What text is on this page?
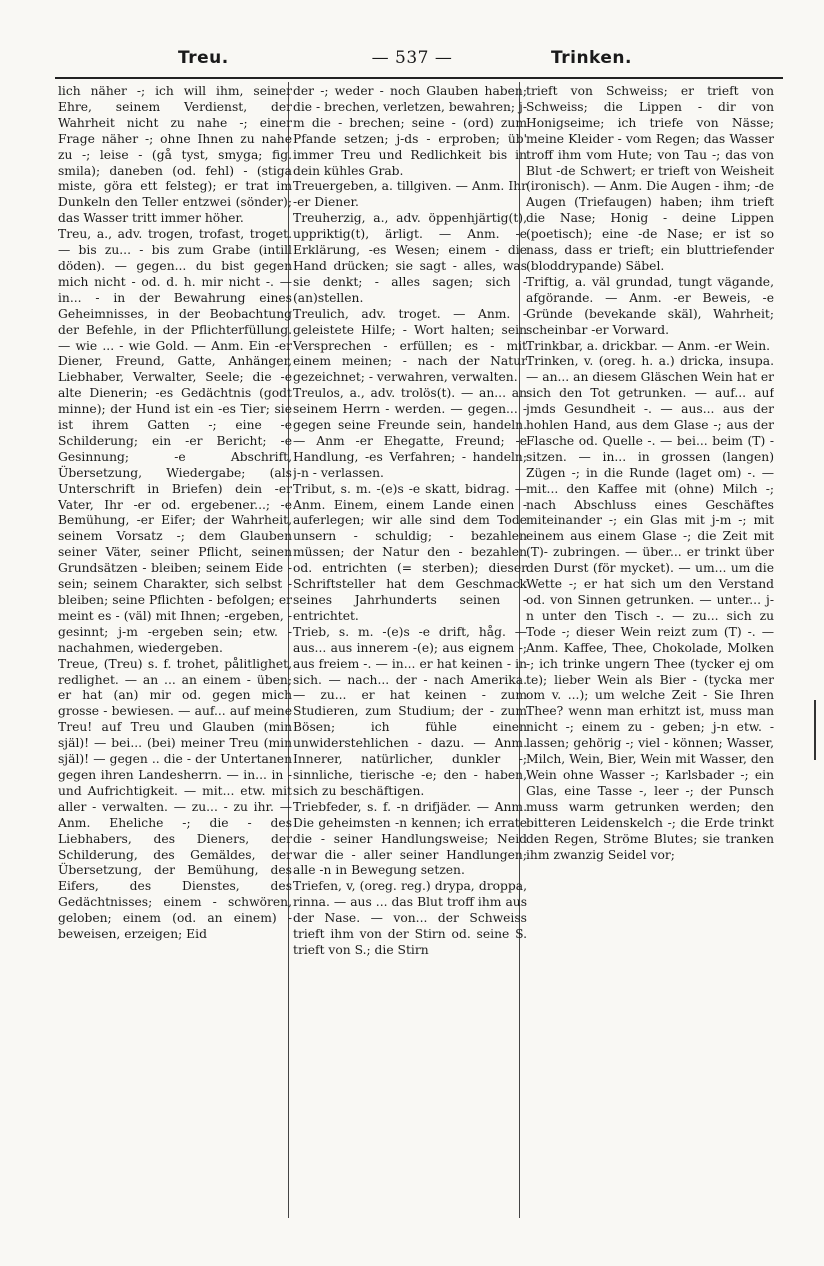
— 537 —
Treu.	Trinken.

lich näher -; ich will ihm, seiner Ehre, seinem Verdienst, der Wahrheit nicht zu nahe -; einer Frage näher -; ohne Ihnen zu nahe zu -; leise - (gå tyst, smyga; fig. smila); daneben (od. fehl) - (stiga miste, göra ett felsteg); er trat im Dunkeln den Teller entzwei (sönder); das Wasser tritt immer höher.

Treu, a., adv. trogen, trofast, troget. — bis zu... - bis zum Grabe (intill döden). — gegen... du bist gegen mich nicht - od. d. h. mir nicht -. — in... - in der Bewahrung eines Geheimnisses, in der Beobachtung der Befehle, in der Pflichterfüllung. — wie ... - wie Gold. — Anm. Ein -er Diener, Freund, Gatte, Anhänger, Liebhaber, Verwalter, Seele; die -e alte Dienerin; -es Gedächtnis (godt minne); der Hund ist ein -es Tier; sie ist ihrem Gatten -; eine -e Schilderung; ein -er Bericht; -e Gesinnung; -e Abschrift, Übersetzung, Wiedergabe; (als Unterschrift in Briefen) dein -er Vater, Ihr -er od. ergebener...; -e Bemühung, -er Eifer; der Wahrheit, seinem Vorsatz -; dem Glauben seiner Väter, seiner Pflicht, seinen Grundsätzen - bleiben; seinem Eide - sein; seinem Charakter, sich selbst - bleiben; seine Pflichten - befolgen; er meint es - (väl) mit Ihnen; -ergeben, -gesinnt; j-m -ergeben sein; etw. - nachahmen, wiedergeben.

Treue, (Treu) s. f. trohet, pålitlighet, redlighet. — an ... an einem - üben; er hat (an) mir od. gegen mich grosse - bewiesen. — auf... auf meine Treu! auf Treu und Glauben (min själ)! — bei... (bei) meiner Treu (min själ)! — gegen .. die - der Untertanen gegen ihren Landesherrn. — in... in - und Aufrichtigkeit. — mit... etw. mit aller - verwalten. — zu... - zu ihr. — Anm. Eheliche -; die - des Liebhabers, des Dieners, der Schilderung, des Gemäldes, der Übersetzung, der Bemühung, des Eifers, des Dienstes, des Gedächtnisses; einem - schwören, geloben; einem (od. an einem) - beweisen, erzeigen; Eid

der -; weder - noch Glauben haben; die - brechen, verletzen, bewahren; j-m die - brechen; seine - (ord) zum Pfande setzen; j-ds - erproben; üb' immer Treu und Redlichkeit bis in dein kühles Grab.

Treuergeben, a. tillgiven. — Anm. Ihr -er Diener.

Treuherzig, a., adv. öppenhjärtig(t), uppriktig(t), ärligt. — Anm. -e Erklärung, -es Wesen; einem - die Hand drücken; sie sagt - alles, was sie denkt; - alles sagen; sich - (an)stellen.

Treulich, adv. troget. — Anm. - geleistete Hilfe; - Wort halten; sein Versprechen - erfüllen; es - mit einem meinen; - nach der Natur gezeichnet; - verwahren, verwalten.

Treulos, a., adv. trolös(t). — an... an seinem Herrn - werden. — gegen... - gegen seine Freunde sein, handeln. — Anm -er Ehegatte, Freund; -e Handlung, -es Verfahren; - handeln; j-n - verlassen.

Tribut, s. m. -(e)s -e skatt, bidrag. — Anm. Einem, einem Lande einen - auferlegen; wir alle sind dem Tode unsern - schuldig; - bezahlen müssen; der Natur den - bezahlen od. entrichten (= sterben); dieser Schriftsteller hat dem Geschmack seines Jahrhunderts seinen - entrichtet.

Trieb, s. m. -(e)s -e drift, håg. — aus... aus innerem -(e); aus eignem -; aus freiem -. — in... er hat keinen - in sich. — nach... der - nach Amerika. — zu... er hat keinen - zum Studieren, zum Studium; der - zum Bösen; ich fühle einen unwiderstehlichen - dazu. — Anm. Innerer, natürlicher, dunkler -; sinnliche, tierische -e; den - haben, sich zu beschäftigen.

Triebfeder, s. f. -n drifjäder. — Anm. Die geheimsten -n kennen; ich errate die - seiner Handlungsweise; Neid war die - aller seiner Handlungen; alle -n in Bewegung setzen.

Triefen, v, (oreg. reg.) drypa, droppa, rinna. — aus ... das Blut troff ihm aus der Nase. — von... der Schweiss trieft ihm von der Stirn od. seine S. trieft von S.; die Stirn

trieft von Schweiss; er trieft von Schweiss; die Lippen - dir von Honigseime; ich triefe von Nässe; meine Kleider - vom Regen; das Wasser troff ihm vom Hute; von Tau -; das von Blut -de Schwert; er trieft von Weisheit (ironisch). — Anm. Die Augen - ihm; -de Augen (Triefaugen) haben; ihm trieft die Nase; Honig - deine Lippen (poetisch); eine -de Nase; er ist so nass, dass er trieft; ein bluttriefender (bloddrypande) Säbel.

Triftig, a. väl grundad, tungt vägande, afgörande. — Anm. -er Beweis, -e Gründe (bevekande skäl), Wahrheit; scheinbar -er Vorward.

Trinkbar, a. drickbar. — Anm. -er Wein.

Trinken, v. (oreg. h. a.) dricka, insupa. — an... an diesem Gläschen Wein hat er sich den Tot getrunken. — auf... auf jmds Gesundheit -. — aus... aus der hohlen Hand, aus dem Glase -; aus der Flasche od. Quelle -. — bei... beim (T) - sitzen. — in... in grossen (langen) Zügen -; in die Runde (laget om) -. — mit... den Kaffee mit (ohne) Milch -; nach Abschluss eines Geschäftes miteinander -; ein Glas mit j-m -; mit einem aus einem Glase -; die Zeit mit (T)- zubringen. — über... er trinkt über den Durst (för mycket). — um... um die Wette -; er hat sich um den Verstand od. von Sinnen getrunken. — unter... j-n unter den Tisch -. — zu... sich zu Tode -; dieser Wein reizt zum (T) -. — Anm. Kaffee, Thee, Chokolade, Molken -; ich trinke ungern Thee (tycker ej om te); lieber Wein als Bier - (tycka mer om v. ...); um welche Zeit - Sie Ihren Thee? wenn man erhitzt ist, muss man nicht -; einem zu - geben; j-n etw. - lassen; gehörig -; viel - können; Wasser, Milch, Wein, Bier, Wein mit Wasser, den Wein ohne Wasser -; Karlsbader -; ein Glas, eine Tasse -, leer -; der Punsch muss warm getrunken werden; den bitteren Leidenskelch -; die Erde trinkt den Regen, Ströme Blutes; sie tranken ihm zwanzig Seidel vor;
